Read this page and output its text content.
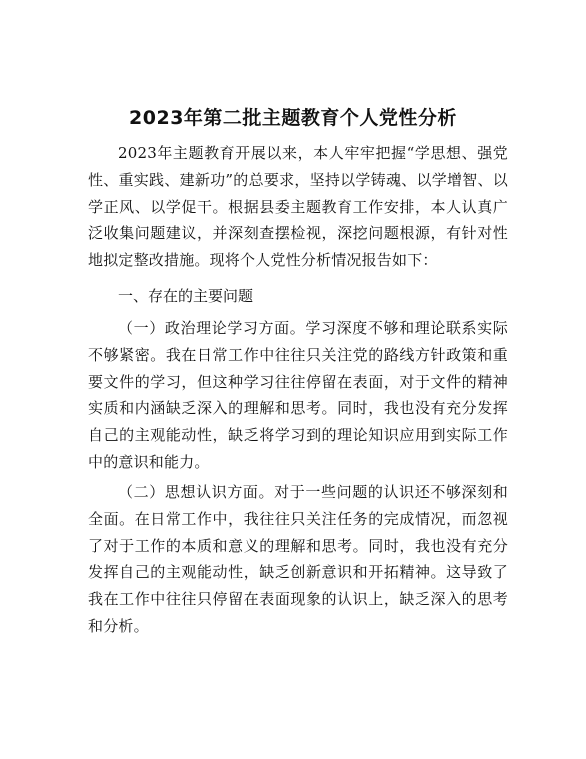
2023年第二批主题教育个人党性分析

2023年主题教育开展以来，本人牢牢把握“学思想、强党性、重实践、建新功”的总要求，坚持以学铸魂、以学增智、以学正风、以学促干。根据县委主题教育工作安排，本人认真广泛收集问题建议，并深刻查摆检视，深挖问题根源，有针对性地拟定整改措施。现将个人党性分析情况报告如下：

一、存在的主要问题

（一）政治理论学习方面。学习深度不够和理论联系实际不够紧密。我在日常工作中往往只关注党的路线方针政策和重要文件的学习，但这种学习往往停留在表面，对于文件的精神实质和内涵缺乏深入的理解和思考。同时，我也没有充分发挥自己的主观能动性，缺乏将学习到的理论知识应用到实际工作中的意识和能力。

（二）思想认识方面。对于一些问题的认识还不够深刻和全面。在日常工作中，我往往只关注任务的完成情况，而忽视了对于工作的本质和意义的理解和思考。同时，我也没有充分发挥自己的主观能动性，缺乏创新意识和开拓精神。这导致了我在工作中往往只停留在表面现象的认识上，缺乏深入的思考和分析。
